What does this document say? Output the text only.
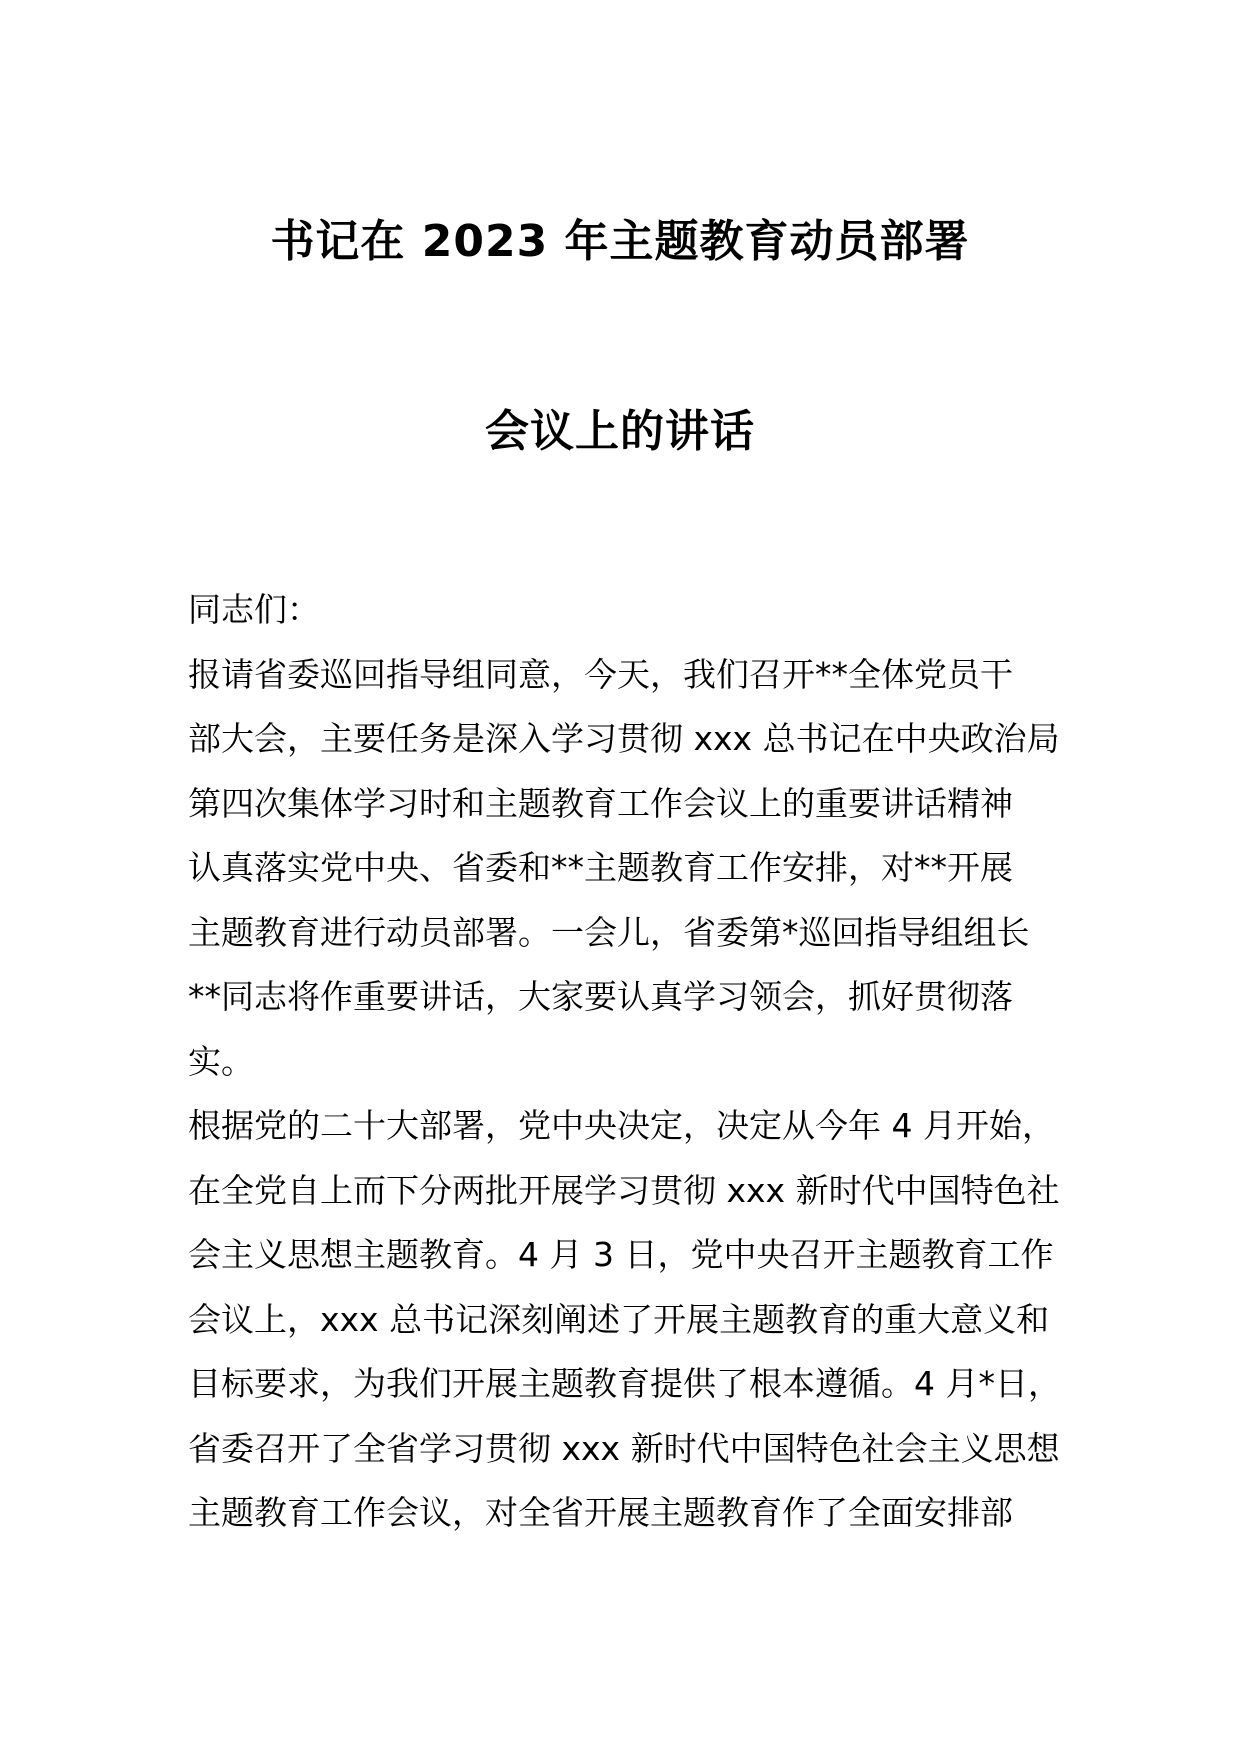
书记在 2023 年主题教育动员部署
会议上的讲话

同志们：

报请省委巡回指导组同意，今天，我们召开**全体党员干
部大会，主要任务是深入学习贯彻 xxx 总书记在中央政治局
第四次集体学习时和主题教育工作会议上的重要讲话精神
认真落实党中央、省委和**主题教育工作安排，对**开展
主题教育进行动员部署。一会儿，省委第*巡回指导组组长
**同志将作重要讲话，大家要认真学习领会，抓好贯彻落
实。
根据党的二十大部署，党中央决定，决定从今年 4 月开始，
在全党自上而下分两批开展学习贯彻 xxx 新时代中国特色社
会主义思想主题教育。4 月 3 日，党中央召开主题教育工作
会议上，xxx 总书记深刻阐述了开展主题教育的重大意义和
目标要求，为我们开展主题教育提供了根本遵循。4 月*日，
省委召开了全省学习贯彻 xxx 新时代中国特色社会主义思想
主题教育工作会议，对全省开展主题教育作了全面安排部
